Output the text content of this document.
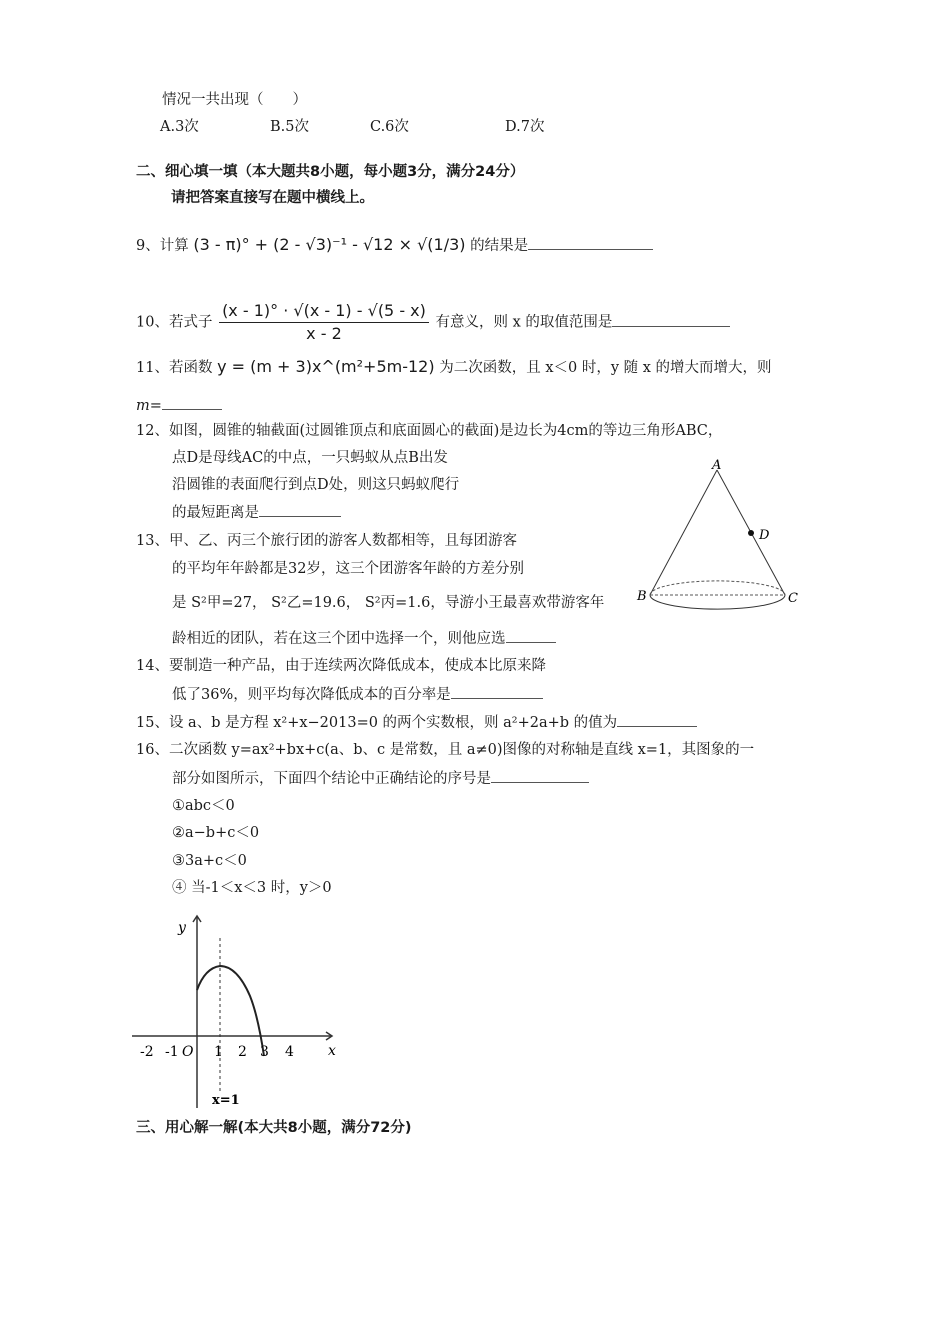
情况一共出现（　　）
A.3次	B.5次	C.6次	D.7次
二、细心填一填（本大题共8小题，每小题3分，满分24分）
请把答案直接写在题中横线上。
9、计算 (3 - π)° + (2 - √3)⁻¹ - √12 × √(1/3) 的结果是
10、若式子 $\frac{(x - 1)^\circ \cdot √(x - 1) - √(5 - x)}{x - 2}$ 有意义，则 x 的取值范围是
11、若函数 y = (m + 3)x^(m²+5m-12) 为二次函数，且 x＜0 时，y 随 x 的增大而增大，则
m=
12、如图，圆锥的轴截面(过圆锥顶点和底面圆心的截面)是边长为4cm的等边三角形ABC，
点D是母线AC的中点，一只蚂蚁从点B出发
沿圆锥的表面爬行到点D处，则这只蚂蚁爬行
的最短距离是
13、甲、乙、丙三个旅行团的游客人数都相等，且每团游客
的平均年年龄都是32岁，这三个团游客年龄的方差分别
是 S²甲=27， S²乙=19.6， S²丙=1.6，导游小王最喜欢带游客年
龄相近的团队，若在这三个团中选择一个，则他应选
A
B	C
D
14、要制造一种产品，由于连续两次降低成本，使成本比原来降
低了36%，则平均每次降低成本的百分率是
15、设 a、b 是方程 x²+x−2013=0 的两个实数根，则 a²+2a+b 的值为
16、二次函数 y=ax²+bx+c(a、b、c 是常数，且 a≠0)图像的对称轴是直线 x=1，其图象的一
部分如图所示，下面四个结论中正确结论的序号是
①abc＜0
②a−b+c＜0
③3a+c＜0
④ 当-1＜x＜3 时，y＞0
y
x
-2 -1 O 1 2 3 4
x=1
三、用心解一解(本大共8小题，满分72分)
